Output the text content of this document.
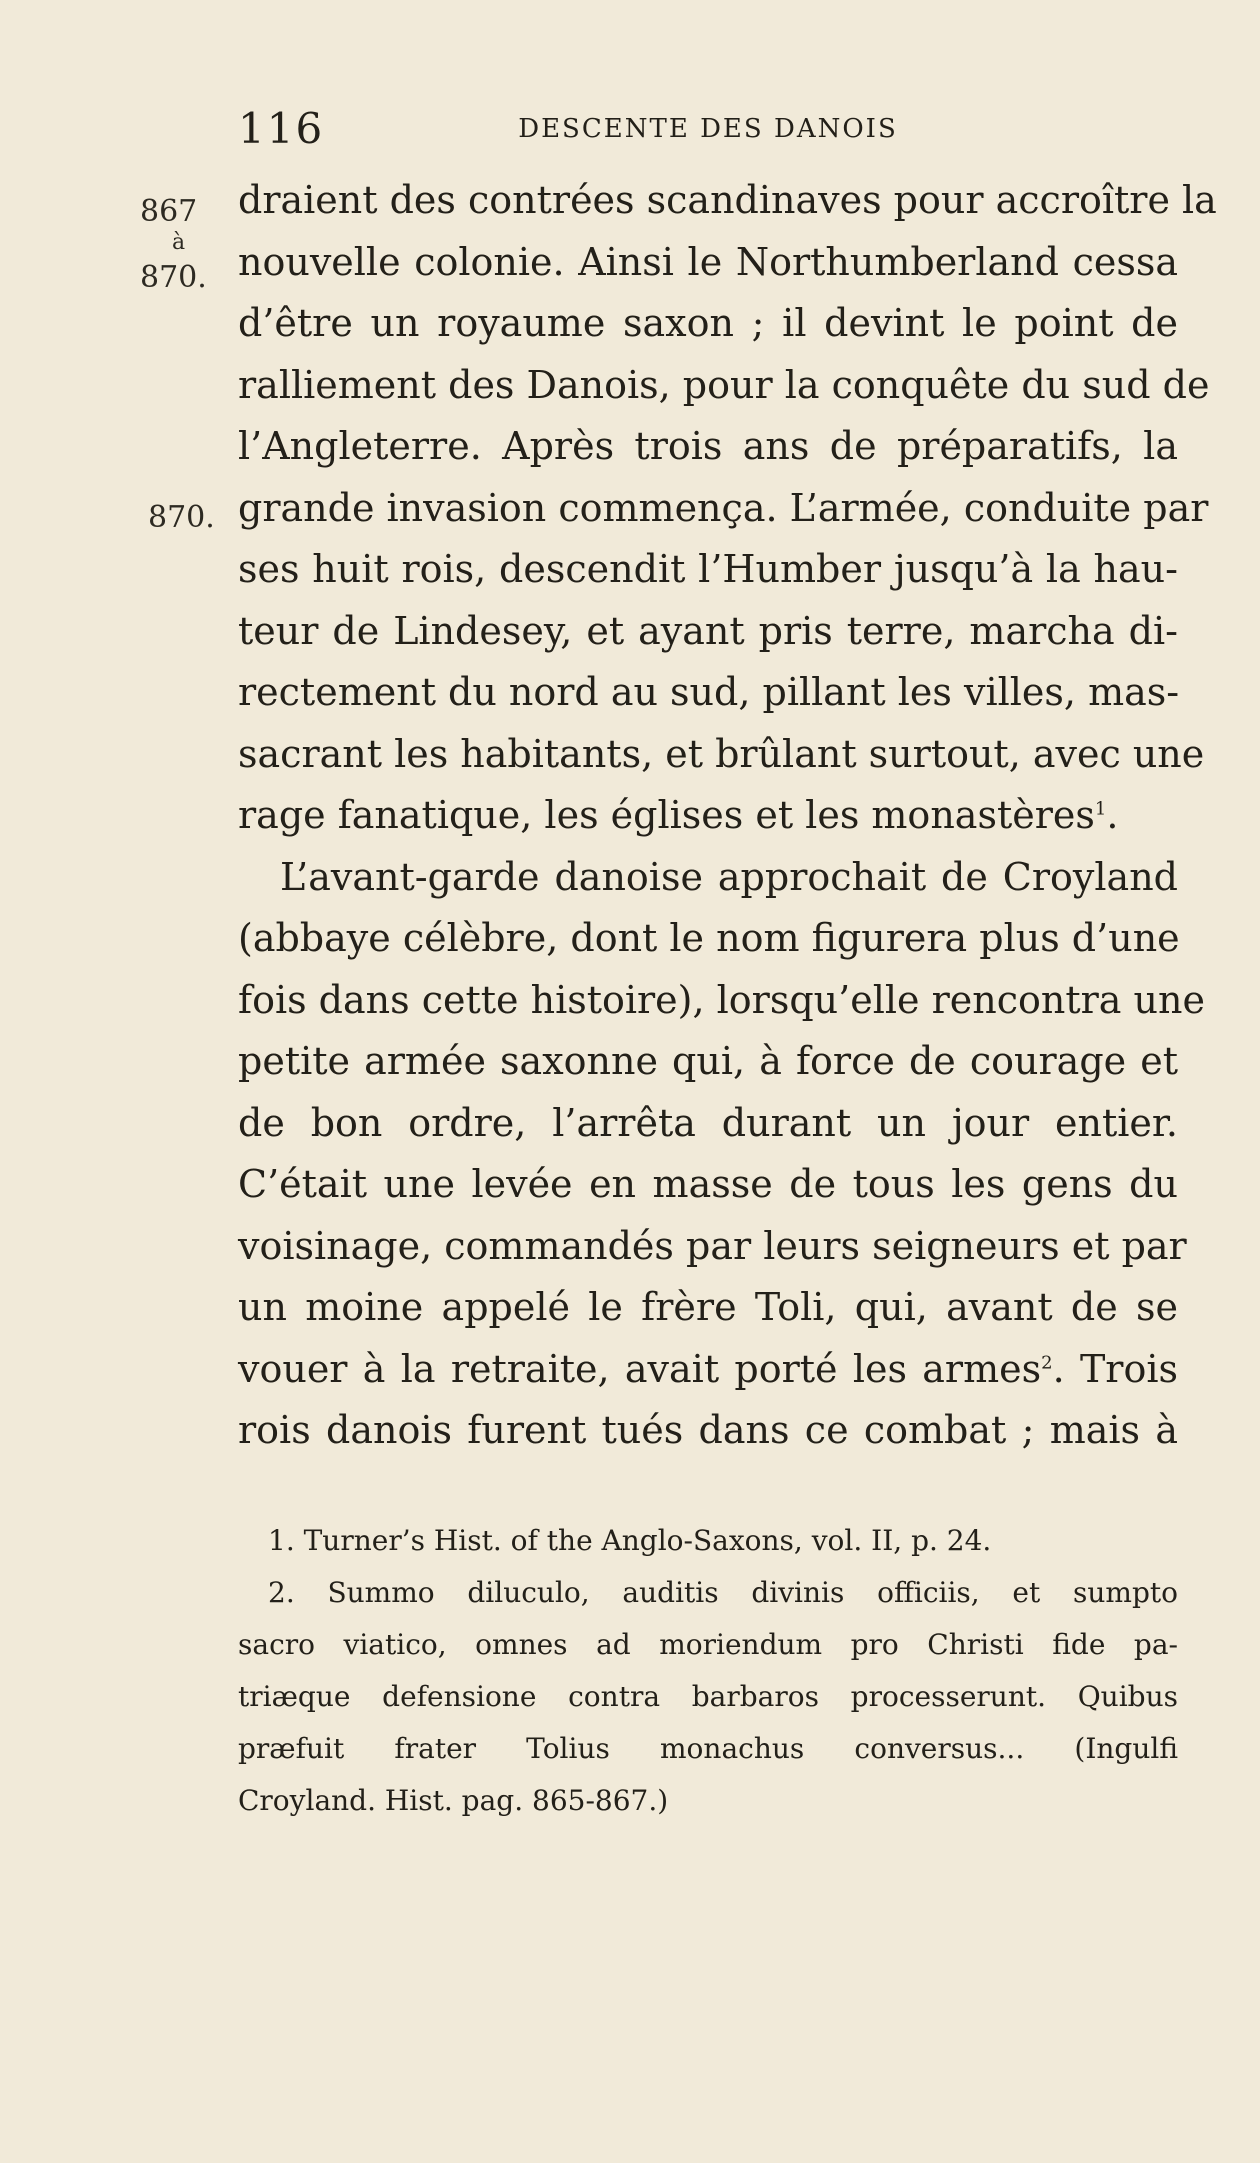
116	DESCENTE DES DANOIS
867
à
870.
870.
draient des contrées scandinaves pour accroître la
nouvelle colonie. Ainsi le Northumberland cessa
d’être un royaume saxon ; il devint le point de
ralliement des Danois, pour la conquête du sud de
l’Angleterre. Après trois ans de préparatifs, la
grande invasion commença. L’armée, conduite par
ses huit rois, descendit l’Humber jusqu’à la hau-
teur de Lindesey, et ayant pris terre, marcha di-
rectement du nord au sud, pillant les villes, mas-
sacrant les habitants, et brûlant surtout, avec une
rage fanatique, les églises et les monastères$^1$.
L’avant-garde danoise approchait de Croyland
(abbaye célèbre, dont le nom figurera plus d’une
fois dans cette histoire), lorsqu’elle rencontra une
petite armée saxonne qui, à force de courage et
de bon ordre, l’arrêta durant un jour entier.
C’était une levée en masse de tous les gens du
voisinage, commandés par leurs seigneurs et par
un moine appelé le frère Toli, qui, avant de se
vouer à la retraite, avait porté les armes$^2$. Trois
rois danois furent tués dans ce combat ; mais à
1. Turner’s Hist. of the Anglo-Saxons, vol. II, p. 24.
2. Summo diluculo, auditis divinis officiis, et sumpto
sacro viatico, omnes ad moriendum pro Christi fide pa-
triæque defensione contra barbaros processerunt. Quibus
præfuit frater Tolius monachus conversus... (Ingulfi
Croyland. Hist. pag. 865-867.)
